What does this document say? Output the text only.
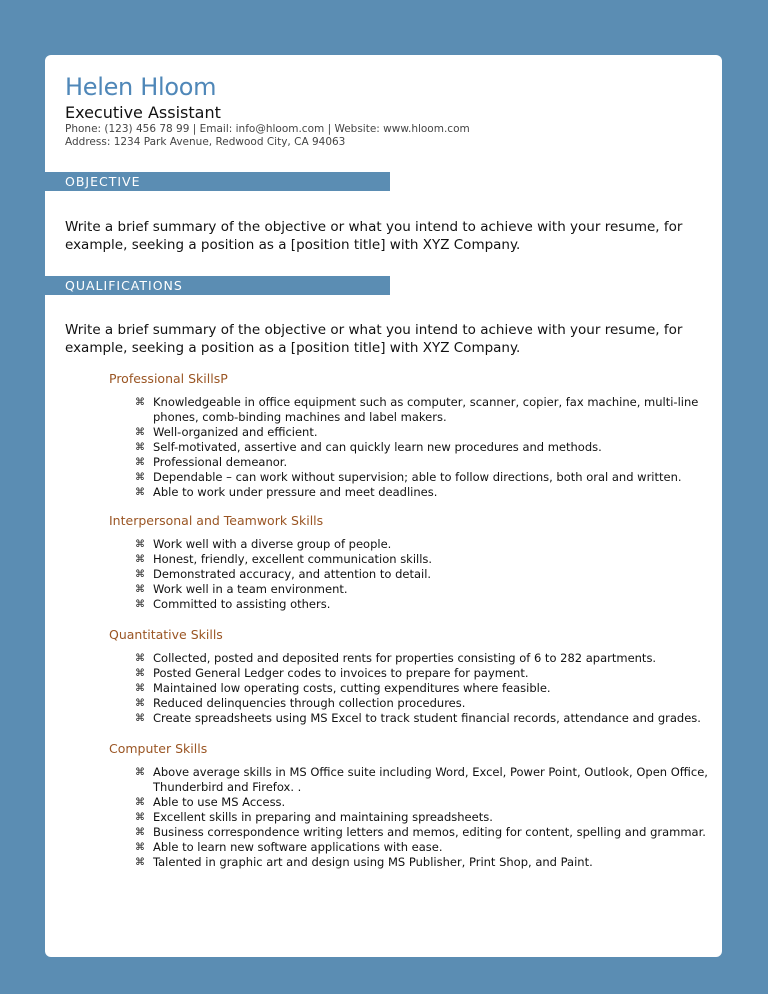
Helen Hloom
Executive Assistant
Phone: (123) 456 78 99 | Email: info@hloom.com | Website: www.hloom.com
Address: 1234 Park Avenue, Redwood City, CA 94063
OBJECTIVE
Write a brief summary of the objective or what you intend to achieve with your resume, for example, seeking a position as a [position title] with XYZ Company.
QUALIFICATIONS
Write a brief summary of the objective or what you intend to achieve with your resume, for example, seeking a position as a [position title] with XYZ Company.
Professional SkillsP
⌘ Knowledgeable in office equipment such as computer, scanner, copier, fax machine, multi-line phones, comb-binding machines and label makers.
⌘ Well-organized and efficient.
⌘ Self-motivated, assertive and can quickly learn new procedures and methods.
⌘ Professional demeanor.
⌘ Dependable – can work without supervision; able to follow directions, both oral and written.
⌘ Able to work under pressure and meet deadlines.
Interpersonal and Teamwork Skills
⌘ Work well with a diverse group of people.
⌘ Honest, friendly, excellent communication skills.
⌘ Demonstrated accuracy, and attention to detail.
⌘ Work well in a team environment.
⌘ Committed to assisting others.
Quantitative Skills
⌘ Collected, posted and deposited rents for properties consisting of 6 to 282 apartments.
⌘ Posted General Ledger codes to invoices to prepare for payment.
⌘ Maintained low operating costs, cutting expenditures where feasible.
⌘ Reduced delinquencies through collection procedures.
⌘ Create spreadsheets using MS Excel to track student financial records, attendance and grades.
Computer Skills
⌘ Above average skills in MS Office suite including Word, Excel, Power Point, Outlook, Open Office, Thunderbird and Firefox. .
⌘ Able to use MS Access.
⌘ Excellent skills in preparing and maintaining spreadsheets.
⌘ Business correspondence writing letters and memos, editing for content, spelling and grammar.
⌘ Able to learn new software applications with ease.
⌘ Talented in graphic art and design using MS Publisher, Print Shop, and Paint.
